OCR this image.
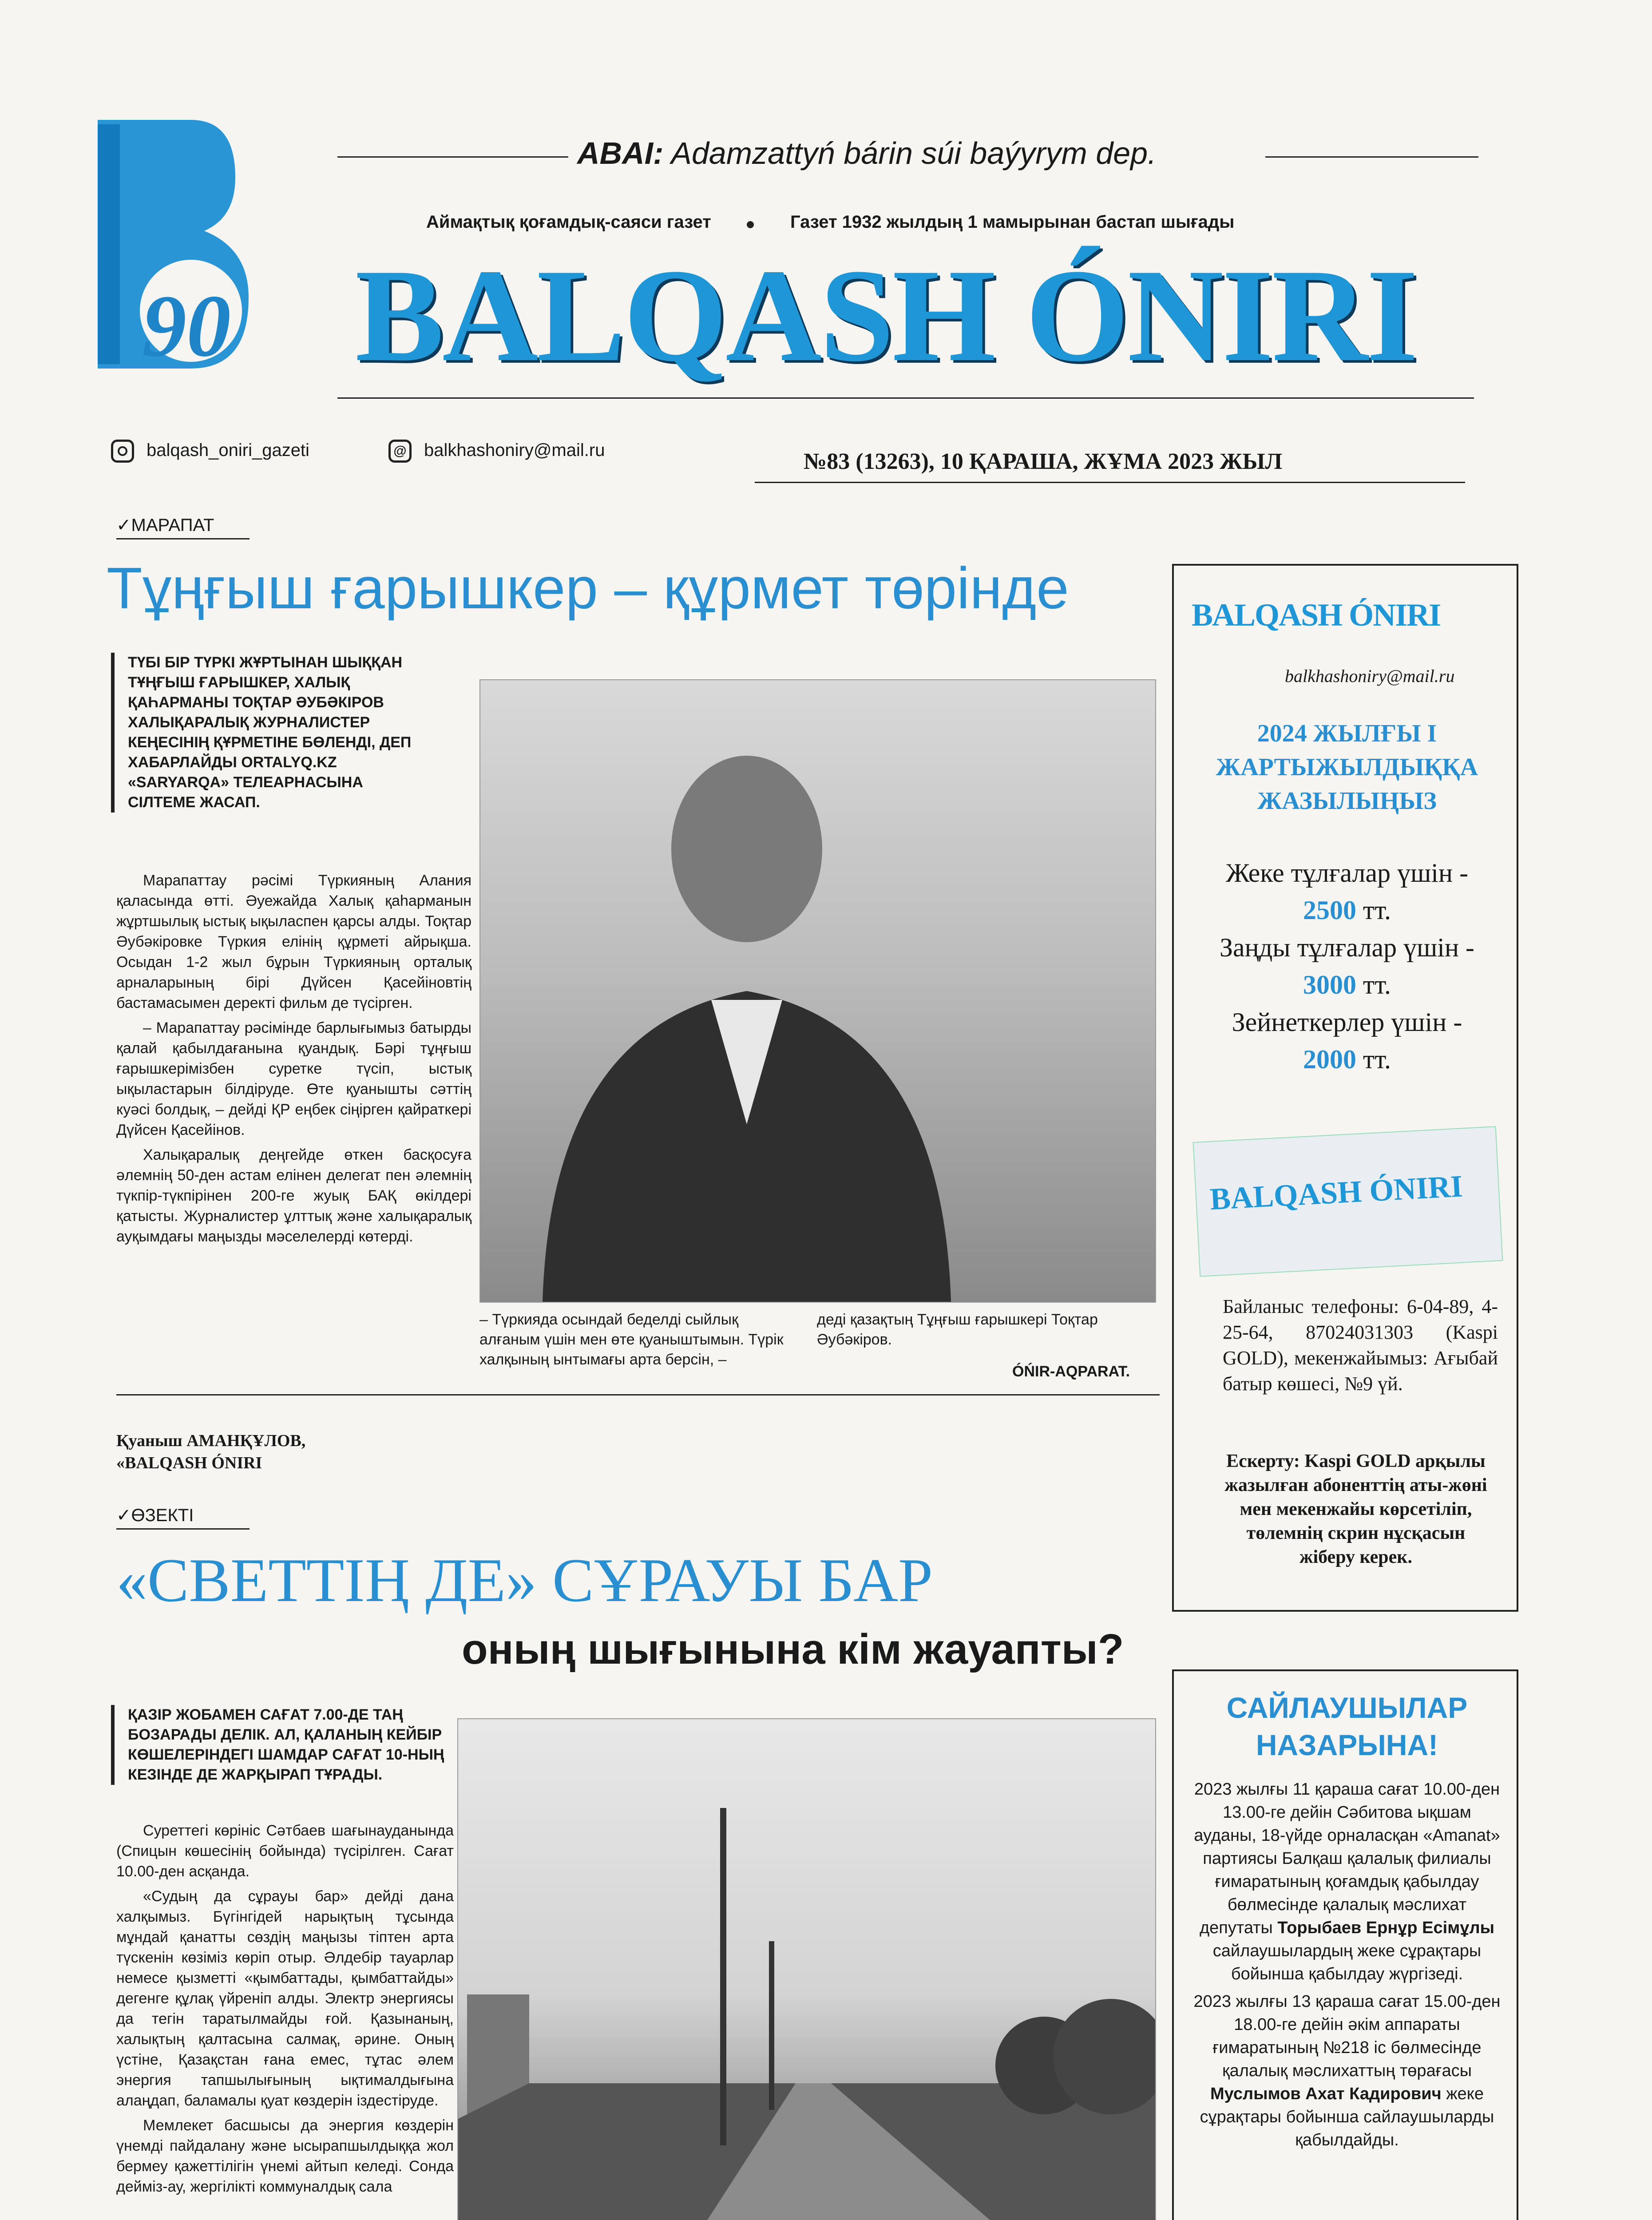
90
ABAI: Adamzattyń bárin súi baýyrym dep.
Аймақтық қоғамдық-саяси газет	Газет 1932 жылдың 1 мамырынан бастап шығады
BALQASH ÓNIRI
balqash_oniri_gazeti	@ balkhashoniry@mail.ru	№83 (13263), 10 ҚАРАША, ЖҰМА 2023 ЖЫЛ
✓МАРАПАТ
Тұңғыш ғарышкер – құрмет төрінде
ТҮБІ БІР ТҮРКІ ЖҰРТЫНАН ШЫҚҚАН ТҰҢҒЫШ ҒАРЫШКЕР, ХАЛЫҚ ҚАҺАРМАНЫ ТОҚТАР ӘУБӘКІРОВ ХАЛЫҚАРАЛЫҚ ЖУРНАЛИСТЕР КЕҢЕСІНІҢ ҚҰРМЕТІНЕ БӨЛЕНДІ, ДЕП ХАБАРЛАЙДЫ ORTALYQ.KZ «SARYARQA» ТЕЛЕАРНАСЫНА СІЛТЕМЕ ЖАСАП.

Марапаттау рәсімі Түркияның Алания қаласында өтті. Әуежайда Халық қаһарманын жұртшылық ыстық ықыласпен қарсы алды. Тоқтар Әубәкіровке Түркия елінің құрметі айрықша. Осыдан 1-2 жыл бұрын Түркияның орталық арналарының бірі Дүйсен Қасейіновтің бастамасымен деректі фильм де түсірген.

– Марапаттау рәсімінде барлығымыз батырды қалай қабылдағанына қуандық. Бәрі тұңғыш ғарышкерімізбен суретке түсіп, ыстық ықыластарын білдіруде. Өте қуанышты сәттің куәсі болдық, – дейді ҚР еңбек сіңірген қайраткері Дүйсен Қасейінов.

Халықаралық деңгейде өткен басқосуға әлемнің 50-ден астам елінен делегат пен әлемнің түкпір-түкпірінен 200-ге жуық БАҚ өкілдері қатысты. Журналистер ұлттық және халықаралық ауқымдағы маңызды мәселелерді көтерді.

– Түркияда осындай беделді сыйлық алғаным үшін мен өте қуаныштымын. Түрік халқының ынтымағы арта берсін, –
деді қазақтың Тұңғыш ғарышкері Тоқтар Әубәкіров.
ÓŃIR-AQPARAT.
Қуаныш АМАНҚҰЛОВ,
«BALQASH ÓNIRI
BALQASH ÓNIRI
balkhashoniry@mail.ru
2024 ЖЫЛҒЫ I ЖАРТЫЖЫЛДЫҚҚА ЖАЗЫЛЫҢЫЗ
Жеке тұлғалар үшін -
2500 тт.
Заңды тұлғалар үшін -
3000 тт.
Зейнеткерлер үшін -
2000 тт.
BALQASH ÓNIRI
Байланыс телефоны: 6-04-89, 4-25-64, 87024031303 (Kaspi GOLD), мекенжайымыз: Ағыбай батыр көшесі, №9 үй.
Ескерту: Kaspi GOLD арқылы жазылған абоненттің аты-жөні мен мекенжайы көрсетіліп, төлемнің скрин нұсқасын жіберу керек.
✓ӨЗЕКТІ
«СВЕТТІҢ ДЕ» СҰРАУЫ БАР
оның шығынына кім жауапты?
ҚАЗІР ЖОБАМЕН САҒАТ 7.00-ДЕ ТАҢ БОЗАРАДЫ ДЕЛІК. АЛ, ҚАЛАНЫҢ КЕЙБІР КӨШЕЛЕРІНДЕГІ ШАМДАР САҒАТ 10-НЫҢ КЕЗІНДЕ ДЕ ЖАРҚЫРАП ТҰРАДЫ.

Суреттегі көрініс Сәтбаев шағынауданында (Спицын көшесінің бойында) түсірілген. Сағат 10.00-ден асқанда.

«Судың да сұрауы бар» дейді дана халқымыз. Бүгінгідей нарықтың тұсында мұндай қанатты сөздің маңызы тіптен арта түскенін көзіміз көріп отыр. Әлдебір тауарлар немесе қызметті «қымбаттады, қымбаттайды» дегенге құлақ үйреніп алды. Электр энергиясы да тегін таратылмайды ғой. Қазынаның, халықтың қалтасына салмақ, әрине. Оның үстіне, Қазақстан ғана емес, тұтас әлем энергия тапшылығының ықтималдығына алаңдап, баламалы қуат көздерін іздестіруде.

Мемлекет басшысы да энергия көздерін үнемді пайдалану және ысырапшылдыққа жол бермеу қажеттілігін үнемі айтып келеді. Сонда деймiз-ау, жергілікті коммуналдық сала

САЙЛАУШЫЛАР НАЗАРЫНА!

2023 жылғы 11 қараша сағат 10.00-ден 13.00-ге дейін Сәбитова ықшам ауданы, 18-үйде орналасқан «Amanat» партиясы Балқаш қалалық филиалы ғимаратының қоғамдық қабылдау бөлмесінде қалалық мәслихат депутаты Торыбаев Ернұр Есімұлы сайлаушылардың жеке сұрақтары бойынша қабылдау жүргізеді.

2023 жылғы 13 қараша сағат 15.00-ден 18.00-ге дейін әкім аппараты ғимаратының №218 іс бөлмесінде қалалық мәслихаттың төрағасы Муслымов Ахат Кадирович жеке сұрақтары бойынша сайлаушыларды қабылдайды.
